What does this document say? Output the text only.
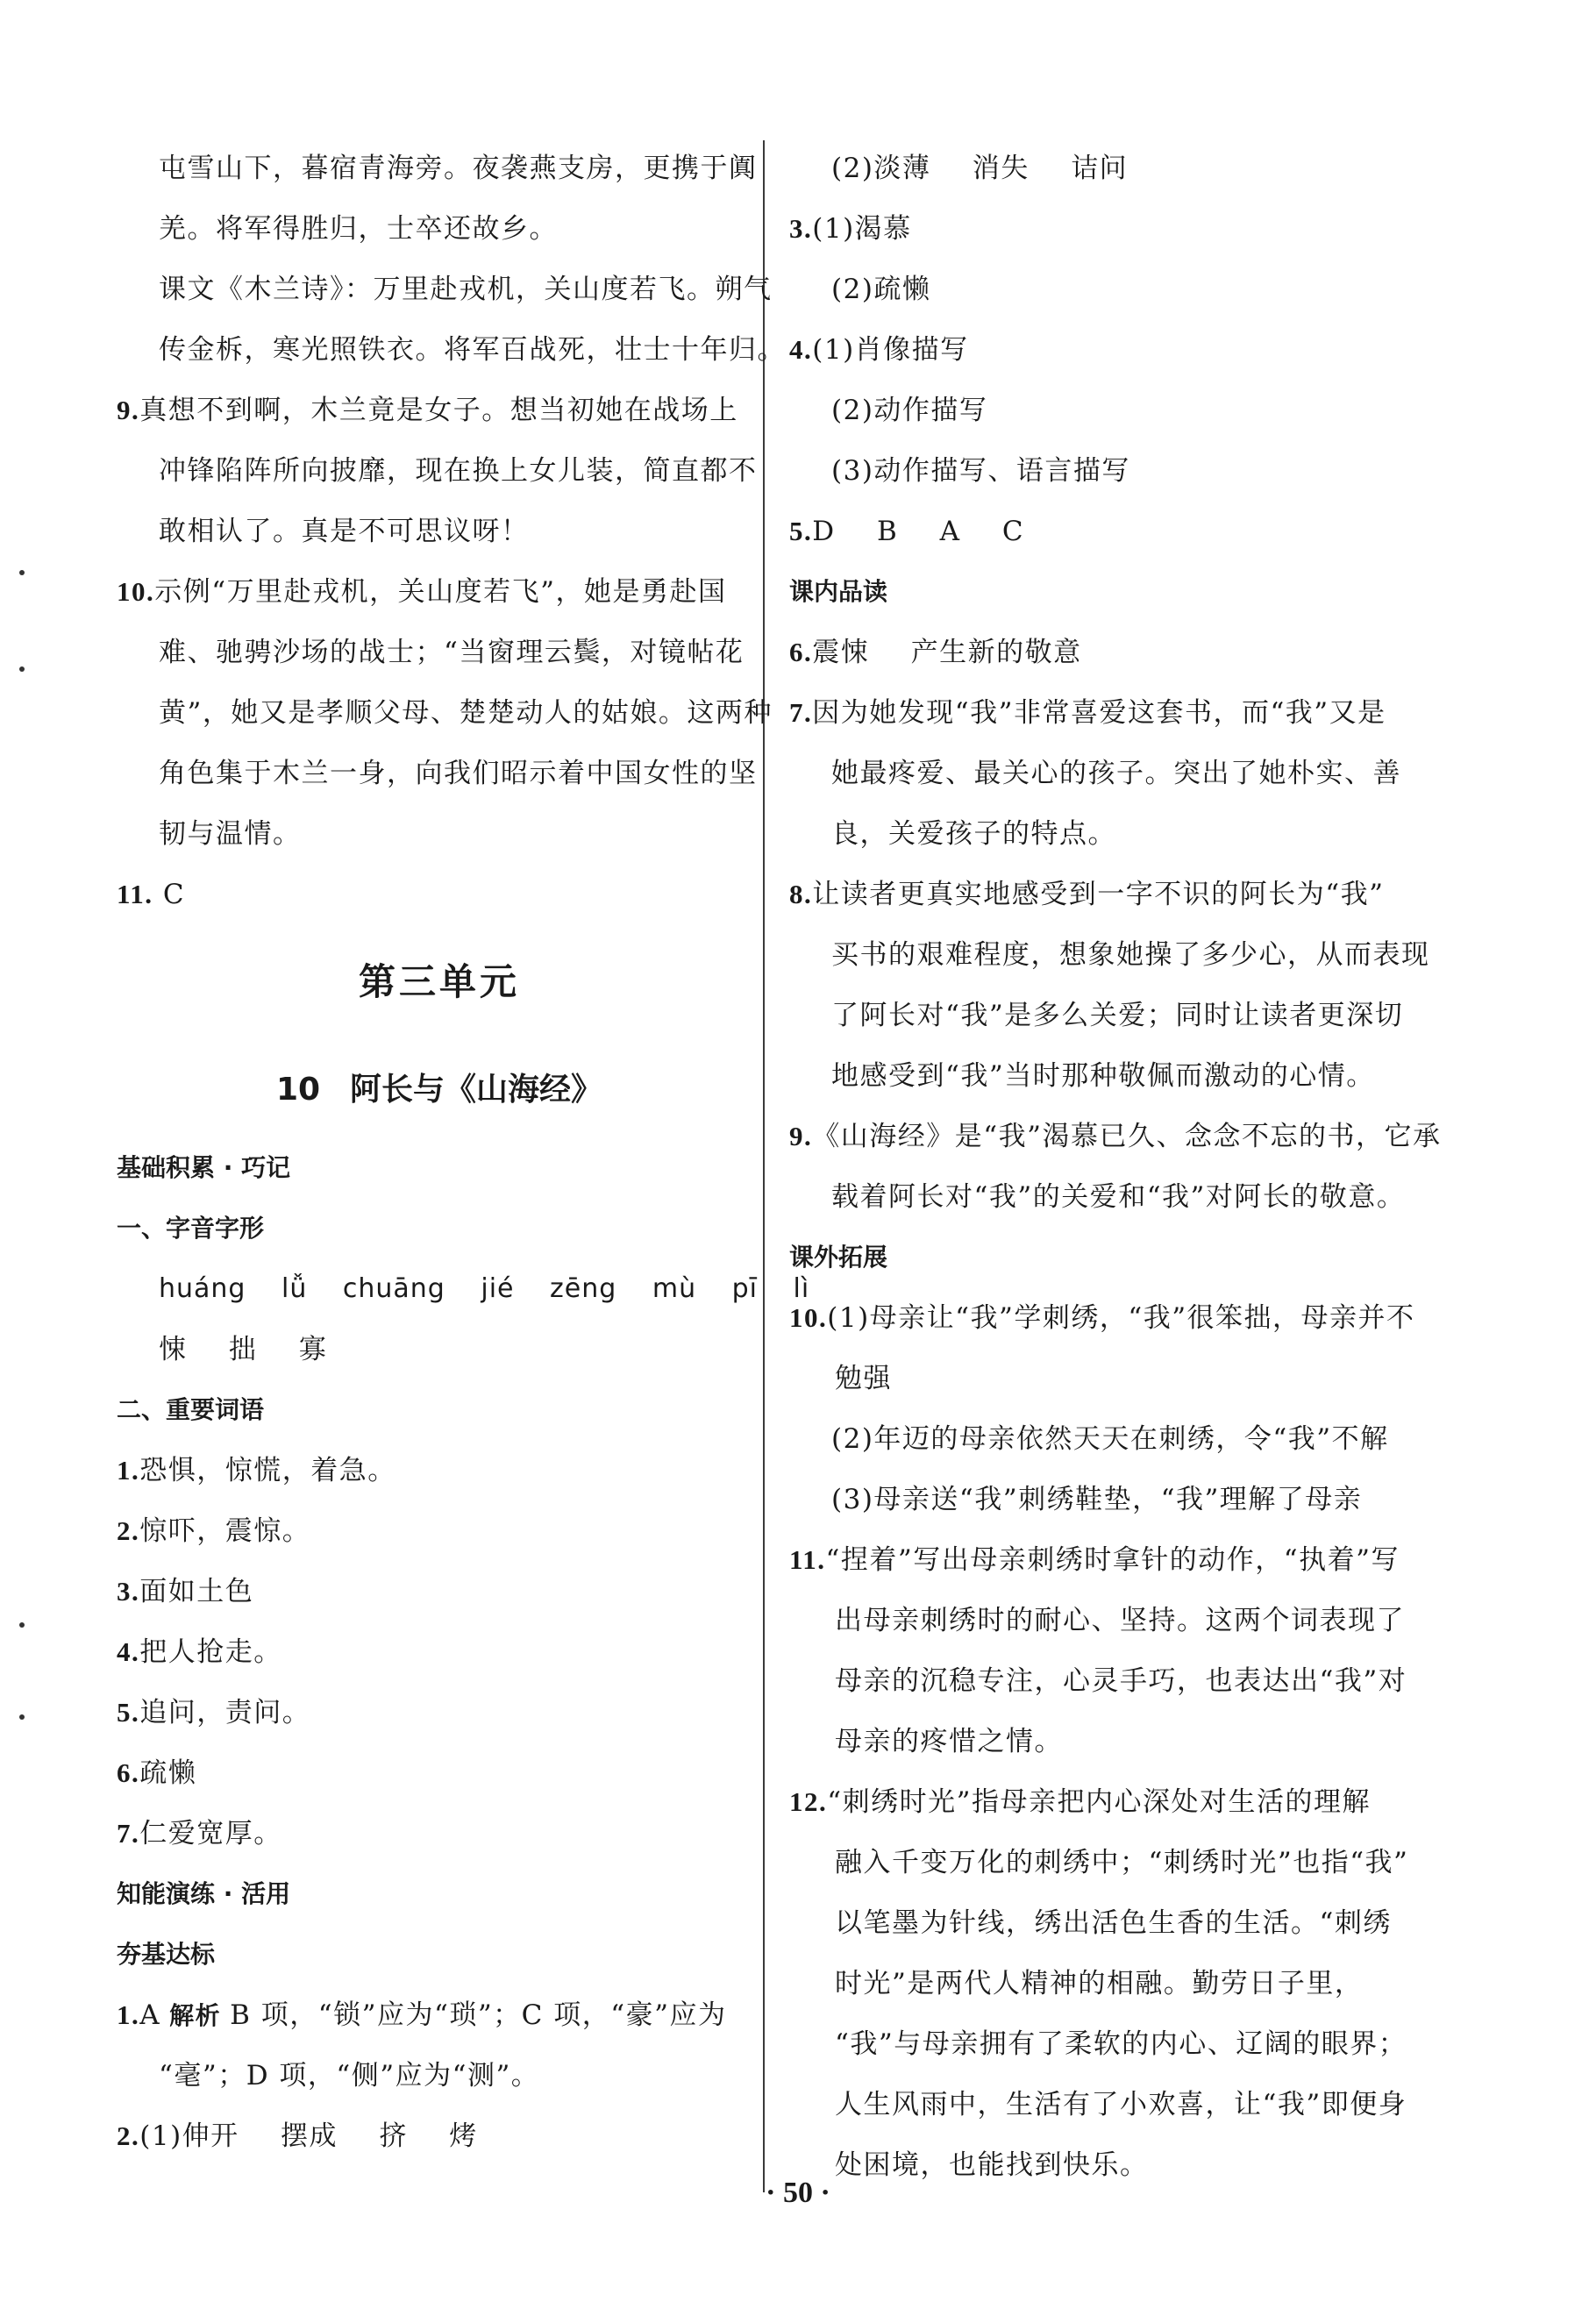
屯雪山下，暮宿青海旁。夜袭燕支房，更携于阗
羌。将军得胜归，士卒还故乡。
课文《木兰诗》：万里赴戎机，关山度若飞。朔气
传金柝，寒光照铁衣。将军百战死，壮士十年归。
9.真想不到啊，木兰竟是女子。想当初她在战场上
冲锋陷阵所向披靡，现在换上女儿装，简直都不
敢相认了。真是不可思议呀！
10.示例“万里赴戎机，关山度若飞”，她是勇赴国
难、驰骋沙场的战士；“当窗理云鬓，对镜帖花
黄”，她又是孝顺父母、楚楚动人的姑娘。这两种
角色集于木兰一身，向我们昭示着中国女性的坚
韧与温情。
11. C
第三单元
10 阿长与《山海经》
基础积累 · 巧记
一、字音字形
huáng lǚ chuāng jié zēng mù pī lì
悚 拙 寡
二、重要词语
1.恐惧，惊慌，着急。
2.惊吓，震惊。
3.面如土色
4.把人抢走。
5.追问，责问。
6.疏懒
7.仁爱宽厚。
知能演练 · 活用
夯基达标
1.A 解析 B 项，“锁”应为“琐”；C 项，“豪”应为
“毫”；D 项，“侧”应为“测”。
2.(1)伸开 摆成 挤 烤
(2)淡薄 消失 诘问
3.(1)渴慕
(2)疏懒
4.(1)肖像描写
(2)动作描写
(3)动作描写、语言描写
5.D B A C
课内品读
6.震悚 产生新的敬意
7.因为她发现“我”非常喜爱这套书，而“我”又是
她最疼爱、最关心的孩子。突出了她朴实、善
良，关爱孩子的特点。
8.让读者更真实地感受到一字不识的阿长为“我”
买书的艰难程度，想象她操了多少心，从而表现
了阿长对“我”是多么关爱；同时让读者更深切
地感受到“我”当时那种敬佩而激动的心情。
9.《山海经》是“我”渴慕已久、念念不忘的书，它承
载着阿长对“我”的关爱和“我”对阿长的敬意。
课外拓展
10.(1)母亲让“我”学刺绣，“我”很笨拙，母亲并不
勉强
(2)年迈的母亲依然天天在刺绣，令“我”不解
(3)母亲送“我”刺绣鞋垫，“我”理解了母亲
11.“捏着”写出母亲刺绣时拿针的动作，“执着”写
出母亲刺绣时的耐心、坚持。这两个词表现了
母亲的沉稳专注，心灵手巧，也表达出“我”对
母亲的疼惜之情。
12.“刺绣时光”指母亲把内心深处对生活的理解
融入千变万化的刺绣中；“刺绣时光”也指“我”
以笔墨为针线，绣出活色生香的生活。“刺绣
时光”是两代人精神的相融。勤劳日子里，
“我”与母亲拥有了柔软的内心、辽阔的眼界；
人生风雨中，生活有了小欢喜，让“我”即便身
处困境，也能找到快乐。
· 50 ·
